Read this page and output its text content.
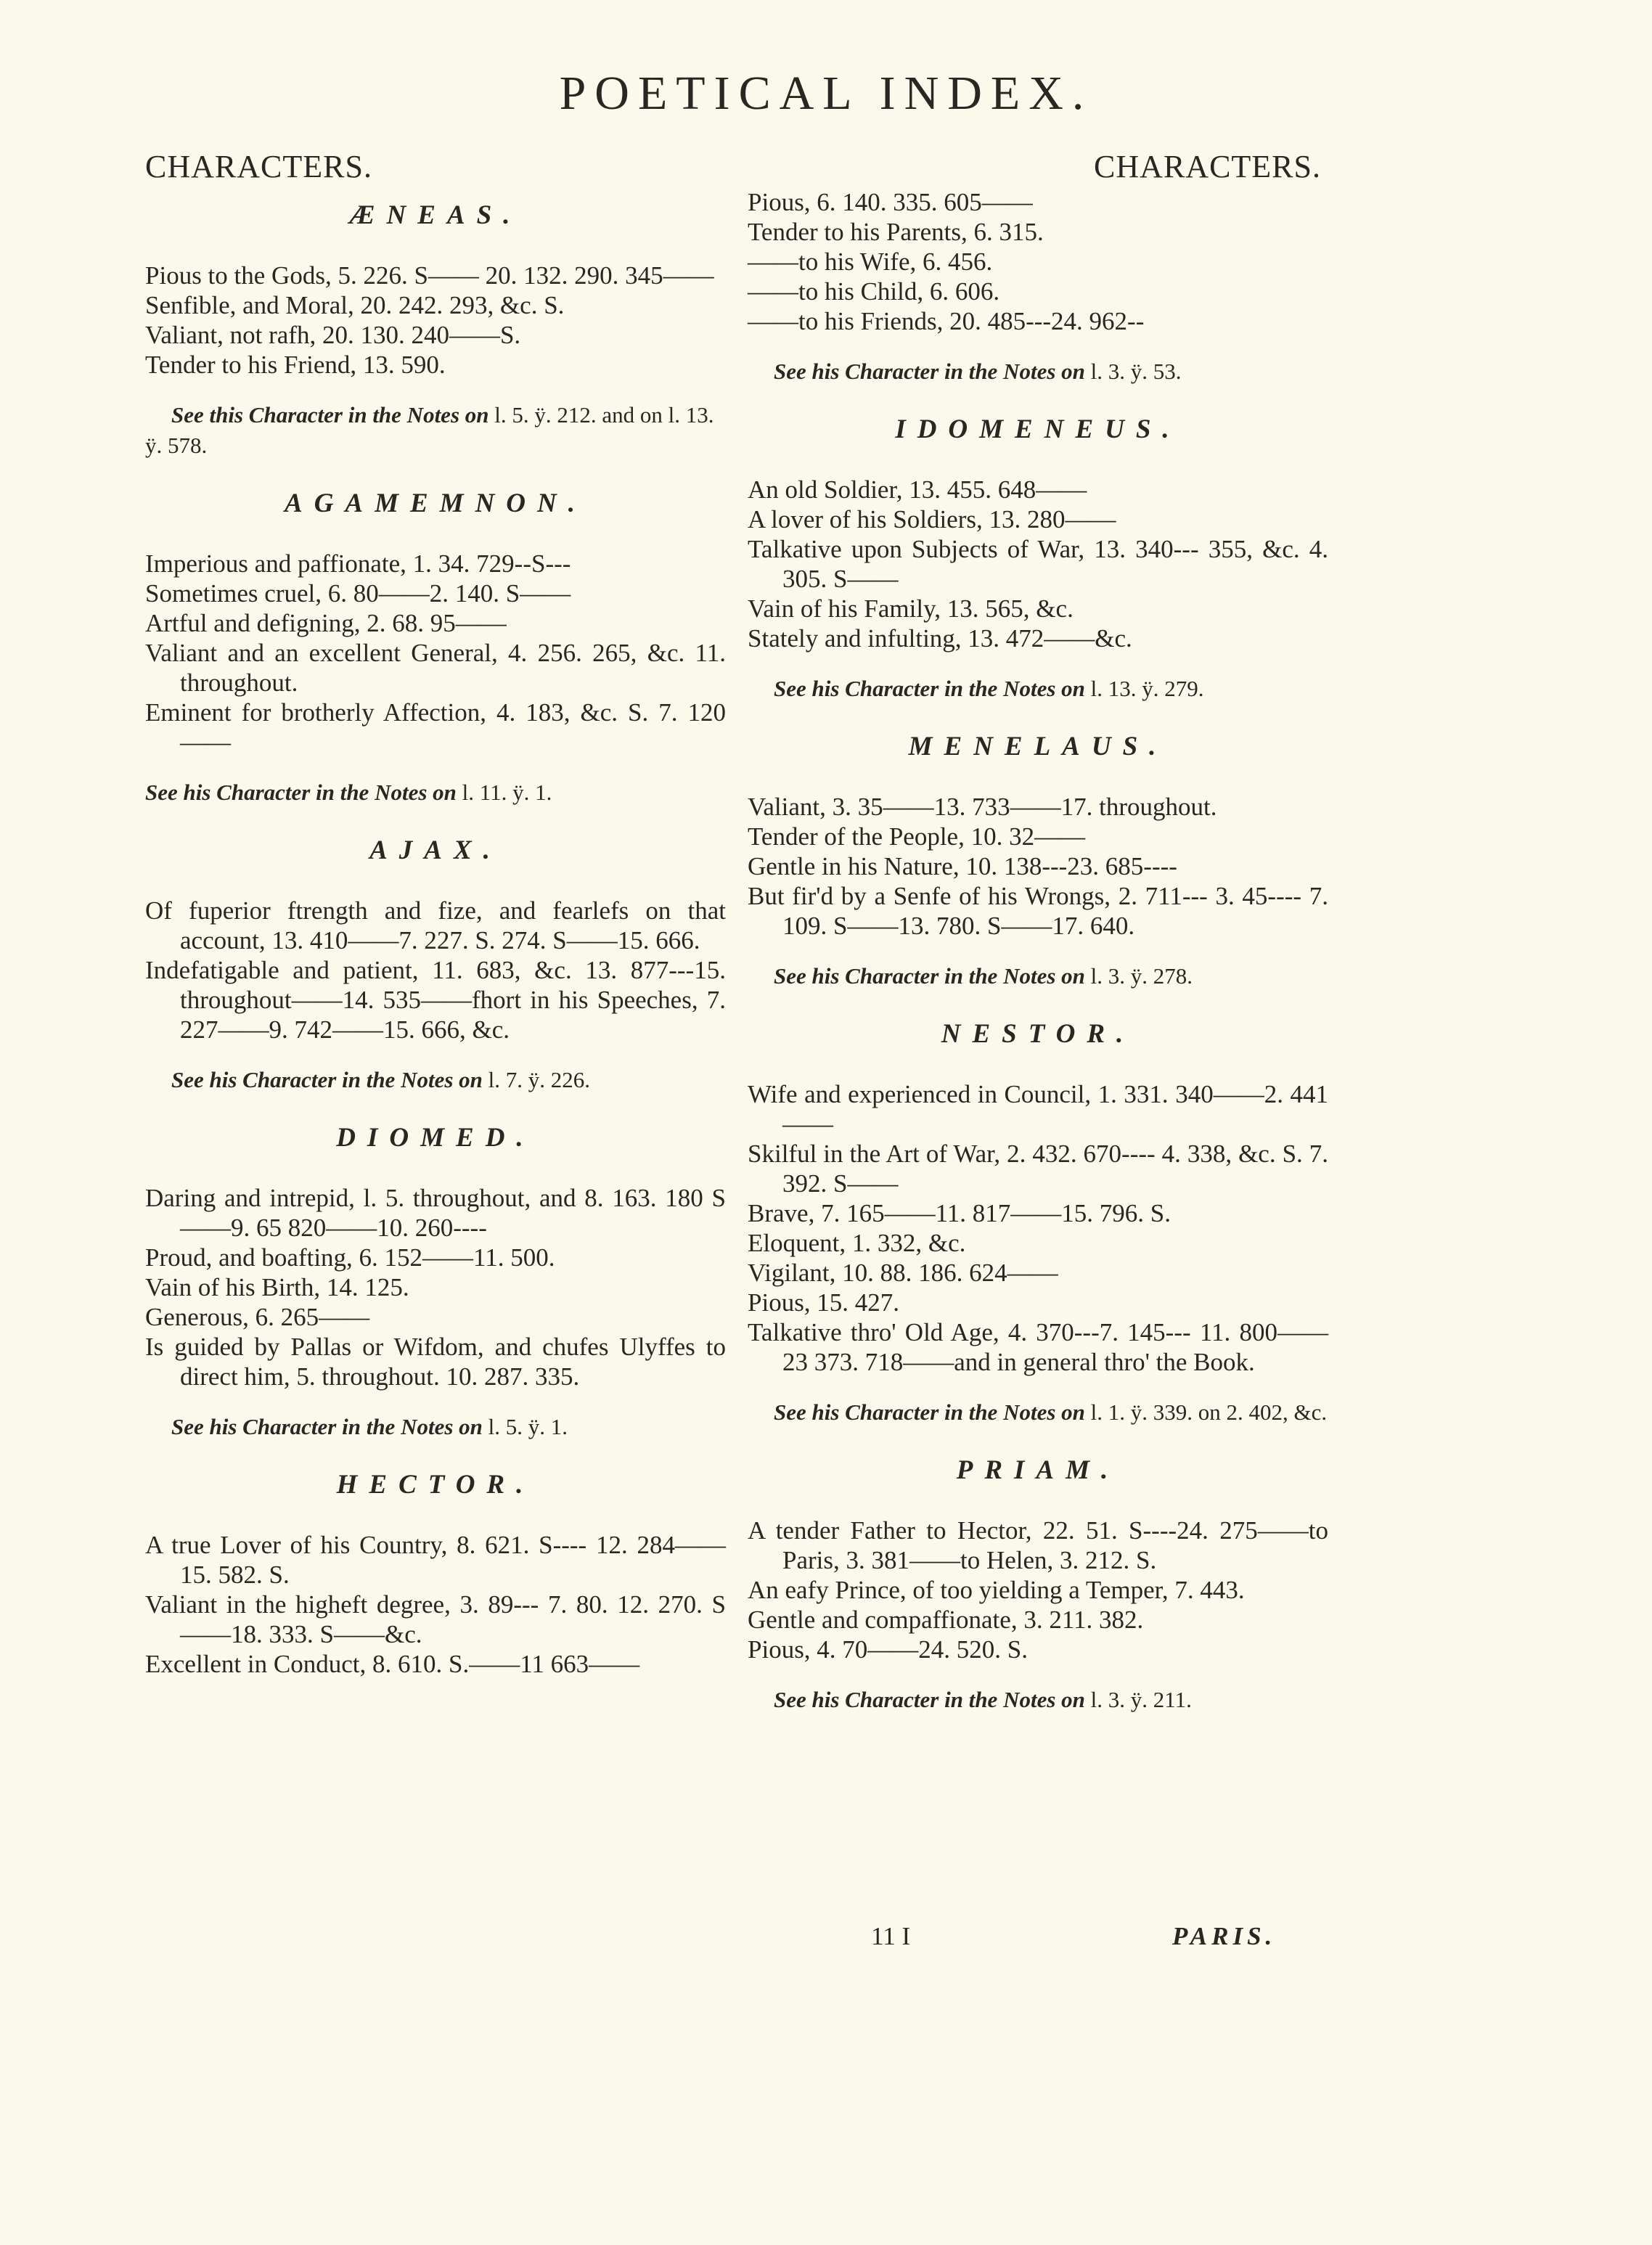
POETICAL INDEX.
CHARACTERS.
ÆNEAS.

Pious to the Gods, 5. 226. S—— 20. 132. 290. 345——

Senfible, and Moral, 20. 242. 293, &c. S.

Valiant, not rafh, 20. 130. 240——S.

Tender to his Friend, 13. 590.

See this Character in the Notes on l. 5. ÿ. 212. and on l. 13. ÿ. 578.

AGAMEMNON.

Imperious and paffionate, 1. 34. 729--S---

Sometimes cruel, 6. 80——2. 140. S——

Artful and defigning, 2. 68. 95——

Valiant and an excellent General, 4. 256. 265, &c. 11. throughout.

Eminent for brotherly Affection, 4. 183, &c. S. 7. 120——

See his Character in the Notes on l. 11. ÿ. 1.

AJAX.

Of fuperior ftrength and fize, and fearlefs on that account, 13. 410——7. 227. S. 274. S——15. 666.

Indefatigable and patient, 11. 683, &c. 13. 877---15. throughout——14. 535——fhort in his Speeches, 7. 227——9. 742——15. 666, &c.

See his Character in the Notes on l. 7. ÿ. 226.

DIOMED.

Daring and intrepid, l. 5. throughout, and 8. 163. 180 S——9. 65 820——10. 260----

Proud, and boafting, 6. 152——11. 500.

Vain of his Birth, 14. 125.

Generous, 6. 265——

Is guided by Pallas or Wifdom, and chufes Ulyffes to direct him, 5. throughout. 10. 287. 335.

See his Character in the Notes on l. 5. ÿ. 1.

HECTOR.

A true Lover of his Country, 8. 621. S---- 12. 284——15. 582. S.

Valiant in the higheft degree, 3. 89--- 7. 80. 12. 270. S——18. 333. S——&c.

Excellent in Conduct, 8. 610. S.——11 663——

CHARACTERS.

Pious, 6. 140. 335. 605——

Tender to his Parents, 6. 315.

——to his Wife, 6. 456.

——to his Child, 6. 606.

——to his Friends, 20. 485---24. 962--

See his Character in the Notes on l. 3. ÿ. 53.

IDOMENEUS.

An old Soldier, 13. 455. 648——

A lover of his Soldiers, 13. 280——

Talkative upon Subjects of War, 13. 340--- 355, &c. 4. 305. S——

Vain of his Family, 13. 565, &c.

Stately and infulting, 13. 472——&c.

See his Character in the Notes on l. 13. ÿ. 279.

MENELAUS.

Valiant, 3. 35——13. 733——17. throughout.

Tender of the People, 10. 32——

Gentle in his Nature, 10. 138---23. 685----

But fir'd by a Senfe of his Wrongs, 2. 711--- 3. 45---- 7. 109. S——13. 780. S——17. 640.

See his Character in the Notes on l. 3. ÿ. 278.

NESTOR.

Wife and experienced in Council, 1. 331. 340——2. 441——

Skilful in the Art of War, 2. 432. 670---- 4. 338, &c. S. 7. 392. S——

Brave, 7. 165——11. 817——15. 796. S.

Eloquent, 1. 332, &c.

Vigilant, 10. 88. 186. 624——

Pious, 15. 427.

Talkative thro' Old Age, 4. 370---7. 145--- 11. 800——23 373. 718——and in general thro' the Book.

See his Character in the Notes on l. 1. ÿ. 339. on 2. 402, &c.

PRIAM.

A tender Father to Hector, 22. 51. S----24. 275——to Paris, 3. 381——to Helen, 3. 212. S.

An eafy Prince, of too yielding a Temper, 7. 443.

Gentle and compaffionate, 3. 211. 382.

Pious, 4. 70——24. 520. S.

See his Character in the Notes on l. 3. ÿ. 211.

11 I	PARIS.
